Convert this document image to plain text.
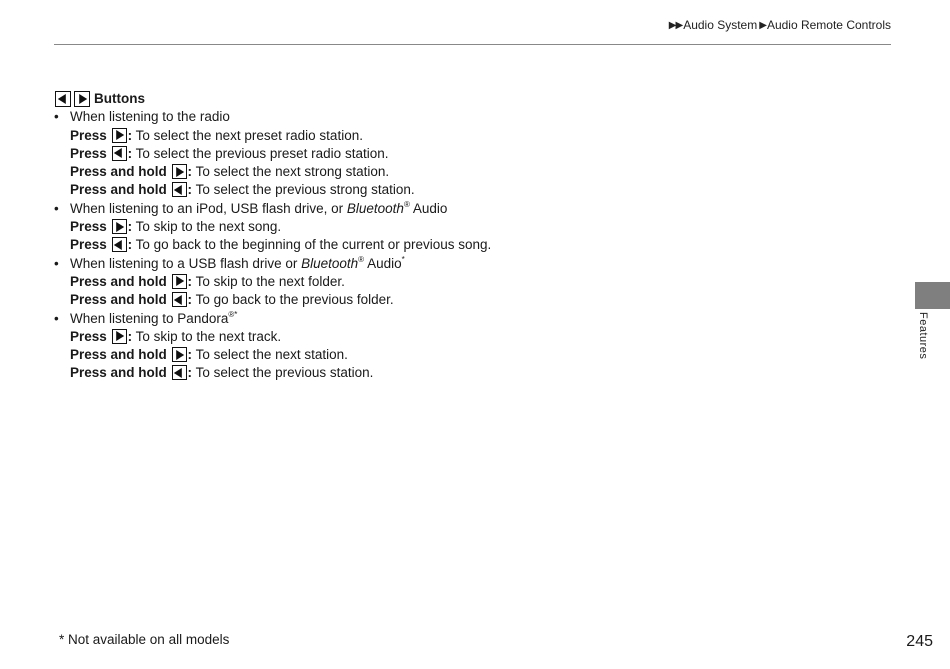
▶▶ Audio System ▶ Audio Remote Controls
Buttons
• When listening to the radio
Press : To select the next preset radio station.
Press : To select the previous preset radio station.
Press and hold : To select the next strong station.
Press and hold : To select the previous strong station.
• When listening to an iPod, USB flash drive, or Bluetooth® Audio
Press : To skip to the next song.
Press : To go back to the beginning of the current or previous song.
• When listening to a USB flash drive or Bluetooth® Audio*
Press and hold : To skip to the next folder.
Press and hold : To go back to the previous folder.
• When listening to Pandora®*
Press : To skip to the next track.
Press and hold : To select the next station.
Press and hold : To select the previous station.
Features
* Not available on all models	245
